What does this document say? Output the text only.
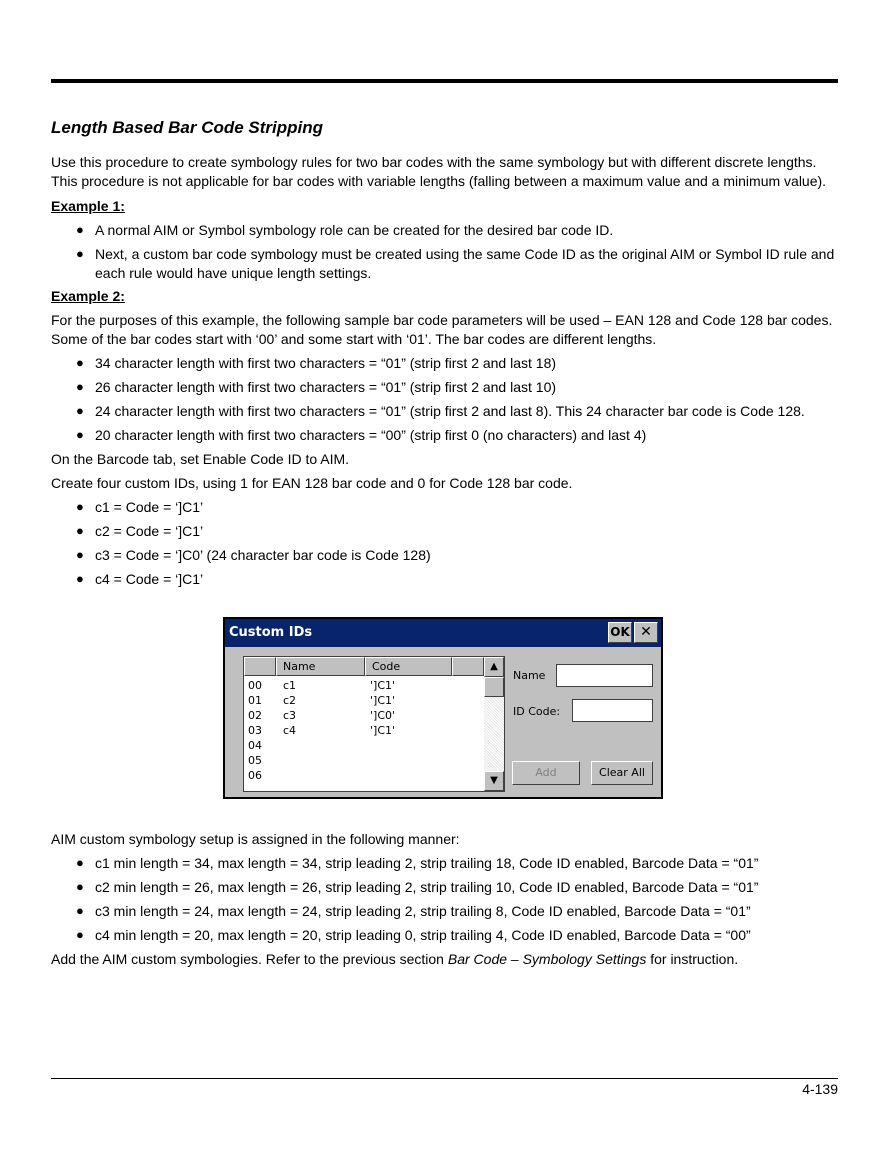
Length Based Bar Code Stripping
Use this procedure to create symbology rules for two bar codes with the same symbology but with different discrete lengths. This procedure is not applicable for bar codes with variable lengths (falling between a maximum value and a minimum value).
Example 1:
● A normal AIM or Symbol symbology role can be created for the desired bar code ID.
● Next, a custom bar code symbology must be created using the same Code ID as the original AIM or Symbol ID rule and each rule would have unique length settings.
Example 2:
For the purposes of this example, the following sample bar code parameters will be used – EAN 128 and Code 128 bar codes. Some of the bar codes start with ‘00’ and some start with ‘01’. The bar codes are different lengths.
● 34 character length with first two characters = “01” (strip first 2 and last 18)
● 26 character length with first two characters = “01” (strip first 2 and last 10)
● 24 character length with first two characters = “01” (strip first 2 and last 8). This 24 character bar code is Code 128.
● 20 character length with first two characters = “00” (strip first 0 (no characters) and last 4)
On the Barcode tab, set Enable Code ID to AIM.
Create four custom IDs, using 1 for EAN 128 bar code and 0 for Code 128 bar code.
● c1 = Code = ‘]C1’
● c2 = Code = ‘]C1’
● c3 = Code = ‘]C0’ (24 character bar code is Code 128)
● c4 = Code = ‘]C1’
Custom IDs	OK ✕
Name	Code
00 c1	']C1'
01 c2	']C1'
02 c3	']C0'
03 c4	']C1'
04
05
06
▲
▼
Name
ID Code:
Add	Clear All
AIM custom symbology setup is assigned in the following manner:
● c1 min length = 34, max length = 34, strip leading 2, strip trailing 18, Code ID enabled, Barcode Data = “01”
● c2 min length = 26, max length = 26, strip leading 2, strip trailing 10, Code ID enabled, Barcode Data = “01”
● c3 min length = 24, max length = 24, strip leading 2, strip trailing 8, Code ID enabled, Barcode Data = “01”
● c4 min length = 20, max length = 20, strip leading 0, strip trailing 4, Code ID enabled, Barcode Data = “00”
Add the AIM custom symbologies. Refer to the previous section Bar Code – Symbology Settings for instruction.
4-139
